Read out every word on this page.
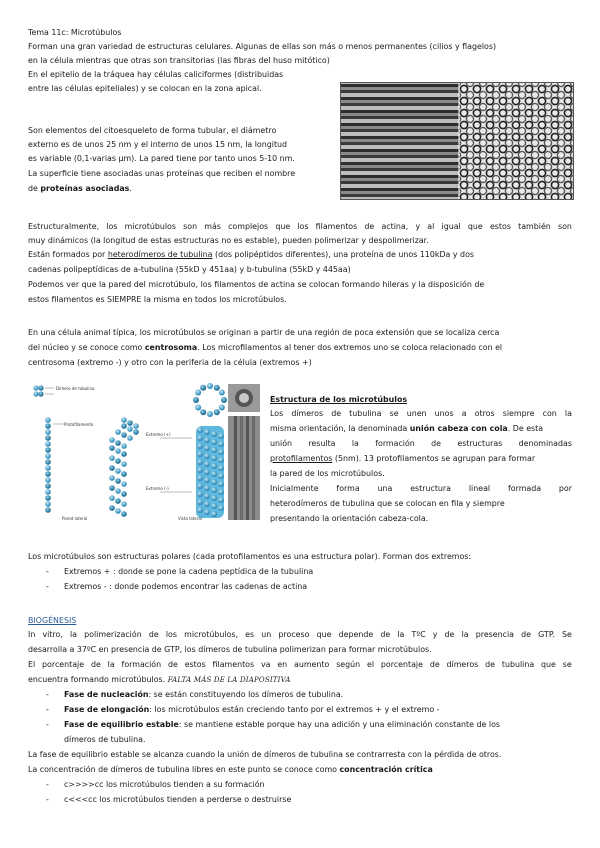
Tema 11c: Microtúbulos
Forman una gran variedad de estructuras celulares. Algunas de ellas son más o menos permanentes (cilios y flagelos)
en la célula mientras que otras son transitorias (las fibras del huso mitótico)
En el epitelio de la tráquea hay células caliciformes (distribuidas
entre las células epiteliales) y se colocan en la zona apical.
Son elementos del citoesqueleto de forma tubular, el diámetro
externo es de unos 25 nm y el interno de unos 15 nm, la longitud
es variable (0,1-varias µm). La pared tiene por tanto unos 5-10 nm.
La superficie tiene asociadas unas proteínas que reciben el nombre
de proteínas asociadas.
Estructuralmente, los microtúbulos son más complejos que los filamentos de actina, y al igual que estos también son
muy dinámicos (la longitud de estas estructuras no es estable), pueden polimerizar y despolimerizar.
Están formados por heterodímeros de tubulina (dos polipéptidos diferentes), una proteína de unos 110kDa y dos
cadenas polipeptídicas de a-tubulina (55kD y 451aa) y b-tubulina (55kD y 445aa)
Podemos ver que la pared del microtúbulo, los filamentos de actina se colocan formando hileras y la disposición de
estos filamentos es SIEMPRE la misma en todos los microtúbulos.
En una célula animal típica, los microtúbulos se originan a partir de una región de poca extensión que se localiza cerca
del núcleo y se conoce como centrosoma. Los microfilamentos al tener dos extremos uno se coloca relacionado con el
centrosoma (extremo -) y otro con la periferia de la célula (extremos +)
Dímero de tubulina
Protofilamento
Extremo (+)
Extremo (-)
Pared lateral	Vista lateral
Estructura de los microtúbulos
Los dímeros de tubulina se unen unos a otros siempre con la
misma orientación, la denominada unión cabeza con cola. De esta
unión resulta la formación de estructuras denominadas
protofilamentos (5nm). 13 protofilamentos se agrupan para formar
la pared de los microtúbulos.
Inicialmente forma una estructura lineal formada por
heterodímeros de tubulina que se colocan en fila y siempre
presentando la orientación cabeza-cola.
Los microtúbulos son estructuras polares (cada protofilamentos es una estructura polar). Forman dos extremos:
- Extremos + : donde se pone la cadena peptídica de la tubulina
- Extremos - : donde podemos encontrar las cadenas de actina
BIOGÉNESIS
In vitro, la polimerización de los microtúbulos, es un proceso que depende de la TºC y de la presencia de GTP. Se
desarrolla a 37ºC en presencia de GTP, los dímeros de tubulina polimerizan para formar microtúbulos.
El porcentaje de la formación de estos filamentos va en aumento según el porcentaje de dímeros de tubulina que se
encuentra formando microtúbulos. FALTA MÁS DE LA DIAPOSITIVA
- Fase de nucleación: se están constituyendo los dímeros de tubulina.
- Fase de elongación: los microtúbulos están creciendo tanto por el extremos + y el extremo -
- Fase de equilibrio estable: se mantiene estable porque hay una adición y una eliminación constante de los
dímeros de tubulina.
La fase de equilibrio estable se alcanza cuando la unión de dímeros de tubulina se contrarresta con la pérdida de otros.
La concentración de dímeros de tubulina libres en este punto se conoce como concentración crítica
- c>>>>cc los microtúbulos tienden a su formación
- c<<<cc los microtúbulos tienden a perderse o destruirse
